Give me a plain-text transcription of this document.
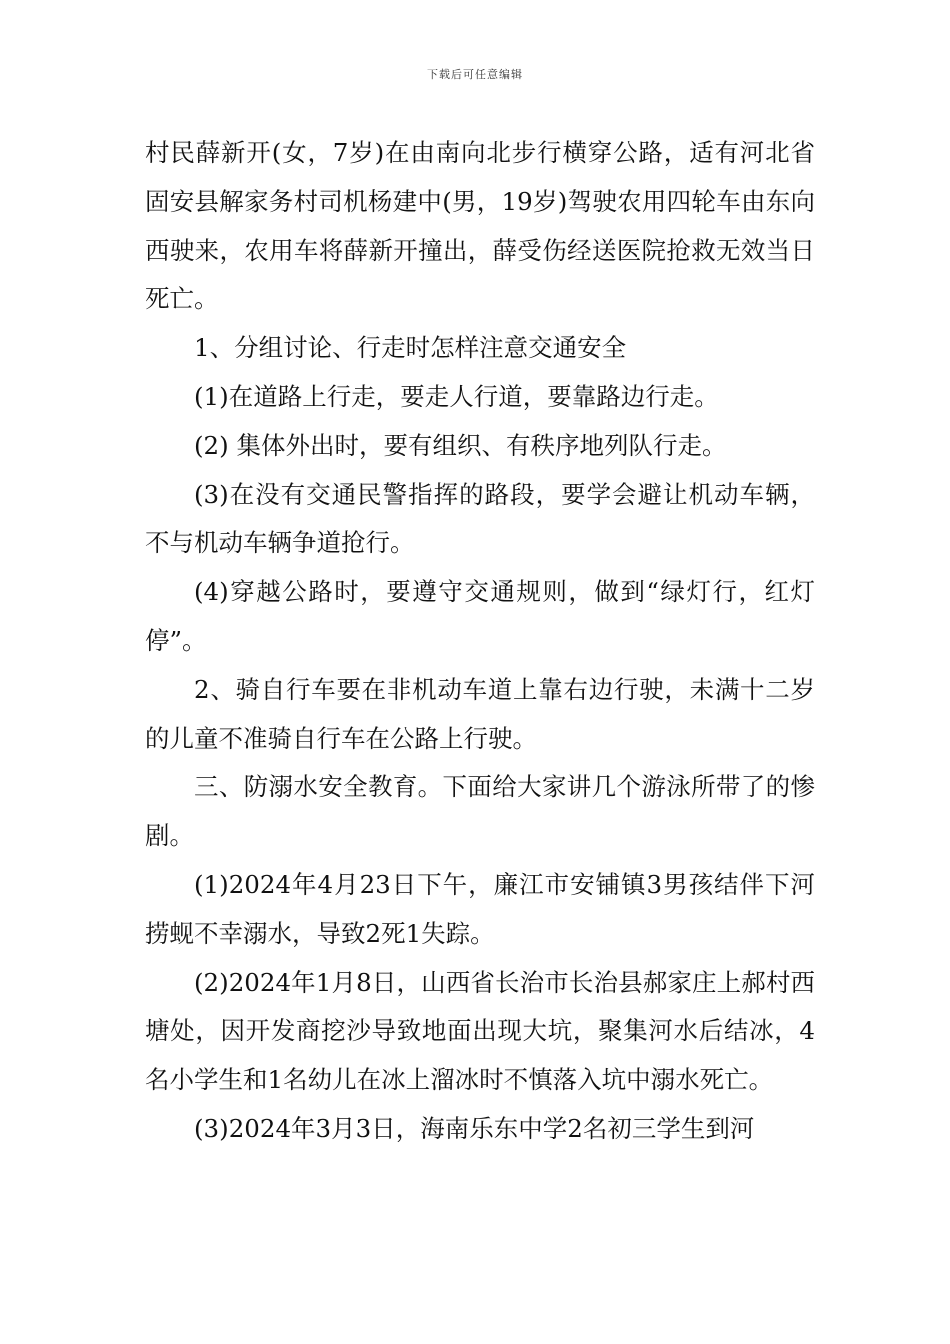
下载后可任意编辑

村民薛新开(女，7岁)在由南向北步行横穿公路，适有河北省固安县解家务村司机杨建中(男，19岁)驾驶农用四轮车由东向西驶来，农用车将薛新开撞出，薛受伤经送医院抢救无效当日死亡。

1、分组讨论、行走时怎样注意交通安全

(1)在道路上行走，要走人行道，要靠路边行走。

(2) 集体外出时，要有组织、有秩序地列队行走。

(3)在没有交通民警指挥的路段，要学会避让机动车辆，不与机动车辆争道抢行。

(4)穿越公路时，要遵守交通规则，做到“绿灯行，红灯停”。

2、骑自行车要在非机动车道上靠右边行驶，未满十二岁的儿童不准骑自行车在公路上行驶。

三、防溺水安全教育。下面给大家讲几个游泳所带了的惨剧。

(1)2024年4月23日下午，廉江市安铺镇3男孩结伴下河捞蚬不幸溺水，导致2死1失踪。

(2)2024年1月8日，山西省长治市长治县郝家庄上郝村西塘处，因开发商挖沙导致地面出现大坑，聚集河水后结冰，4名小学生和1名幼儿在冰上溜冰时不慎落入坑中溺水死亡。

(3)2024年3月3日，海南乐东中学2名初三学生到河
